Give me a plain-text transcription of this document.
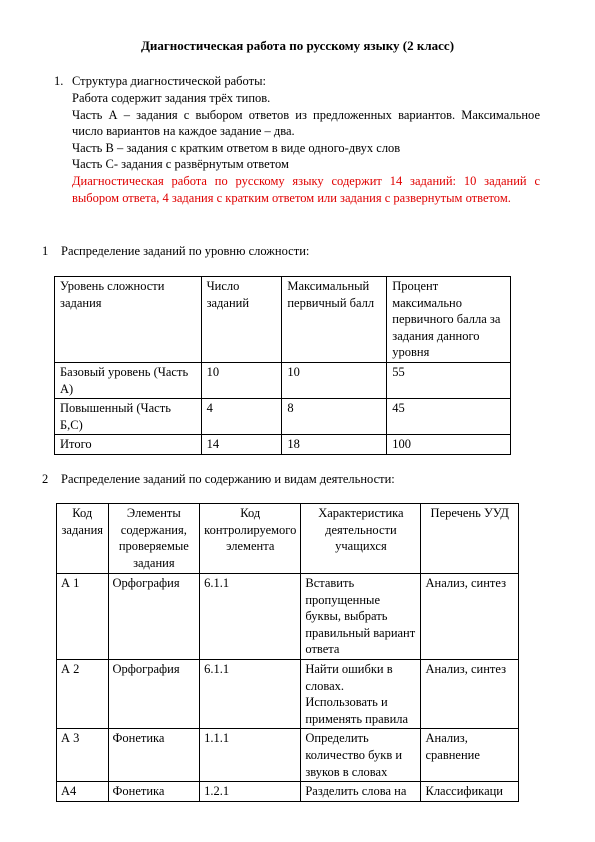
Диагностическая работа по русскому языку (2 класс)
1. Структура диагностической работы:
Работа содержит задания трёх типов.
Часть А – задания с выбором ответов из предложенных вариантов. Максимальное число вариантов на каждое задание – два.
Часть В – задания с кратким ответом в виде одного-двух слов
Часть С- задания с развёрнутым ответом
Диагностическая работа по русскому языку содержит 14 заданий: 10 заданий с выбором ответа, 4 задания с кратким ответом или задания с развернутым ответом.
1 Распределение заданий по уровню сложности:
Уровень сложности задания	Число заданий	Максимальный первичный балл	Процент максимально первичного балла за задания данного уровня
Базовый уровень (Часть А)	10	10	55
Повышенный (Часть Б,С)	4	8	45
Итого	14	18	100
2 Распределение заданий по содержанию и видам деятельности:
Код задания	Элементы содержания, проверяемые задания	Код контролируемого элемента	Характеристика деятельности учащихся	Перечень УУД
А 1	Орфография	6.1.1	Вставить пропущенные буквы, выбрать правильный вариант ответа	Анализ, синтез
А 2	Орфография	6.1.1	Найти ошибки в словах. Использовать и применять правила	Анализ, синтез
А 3	Фонетика	1.1.1	Определить количество букв и звуков в словах	Анализ, сравнение
А4	Фонетика	1.2.1	Разделить слова на	Классификаци
